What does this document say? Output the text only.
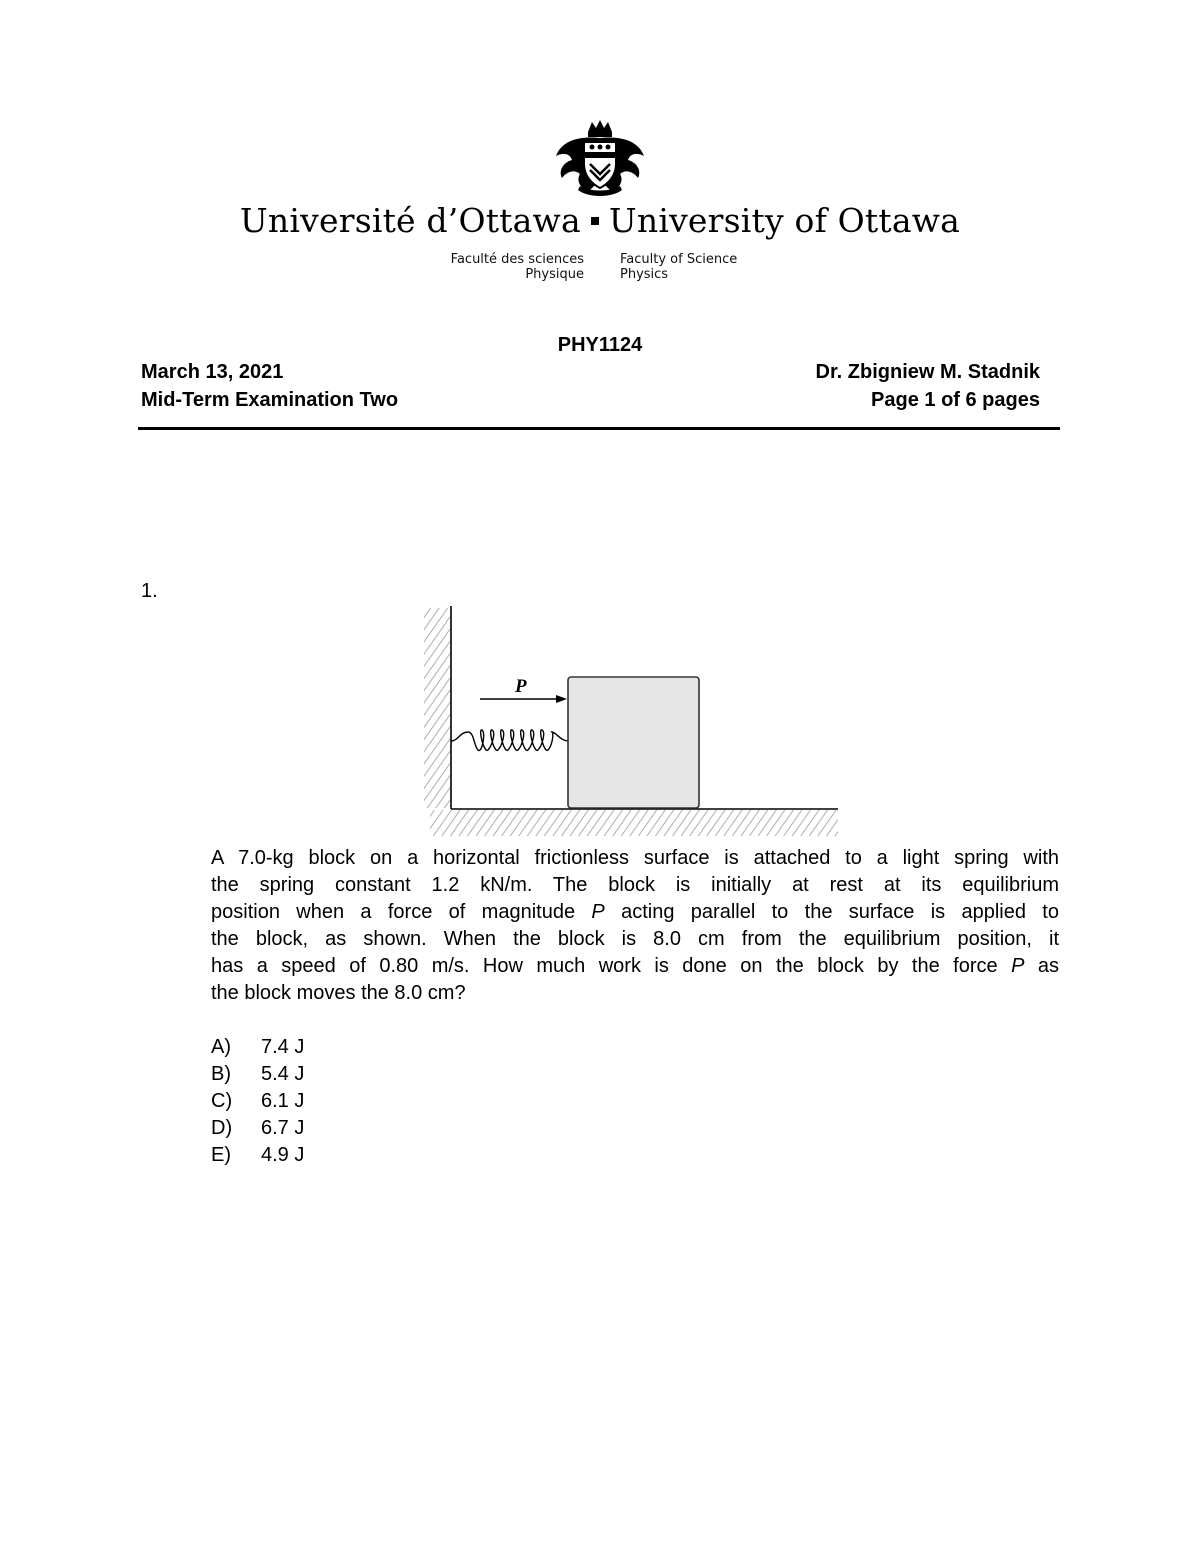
Université d’Ottawa University of Ottawa
Faculté des sciences
Physique
Faculty of Science
Physics
PHY1124
March 13, 2021
Mid-Term Examination Two
Dr. Zbigniew M. Stadnik
Page 1 of 6 pages
1.
P
A 7.0-kg block on a horizontal frictionless surface is attached to a light spring with
the spring constant 1.2 kN/m. The block is initially at rest at its equilibrium
position when a force of magnitude P acting parallel to the surface is applied to
the block, as shown. When the block is 8.0 cm from the equilibrium position, it
has a speed of 0.80 m/s. How much work is done on the block by the force P as
the block moves the 8.0 cm?
A) 7.4 J
B) 5.4 J
C) 6.1 J
D) 6.7 J
E) 4.9 J
